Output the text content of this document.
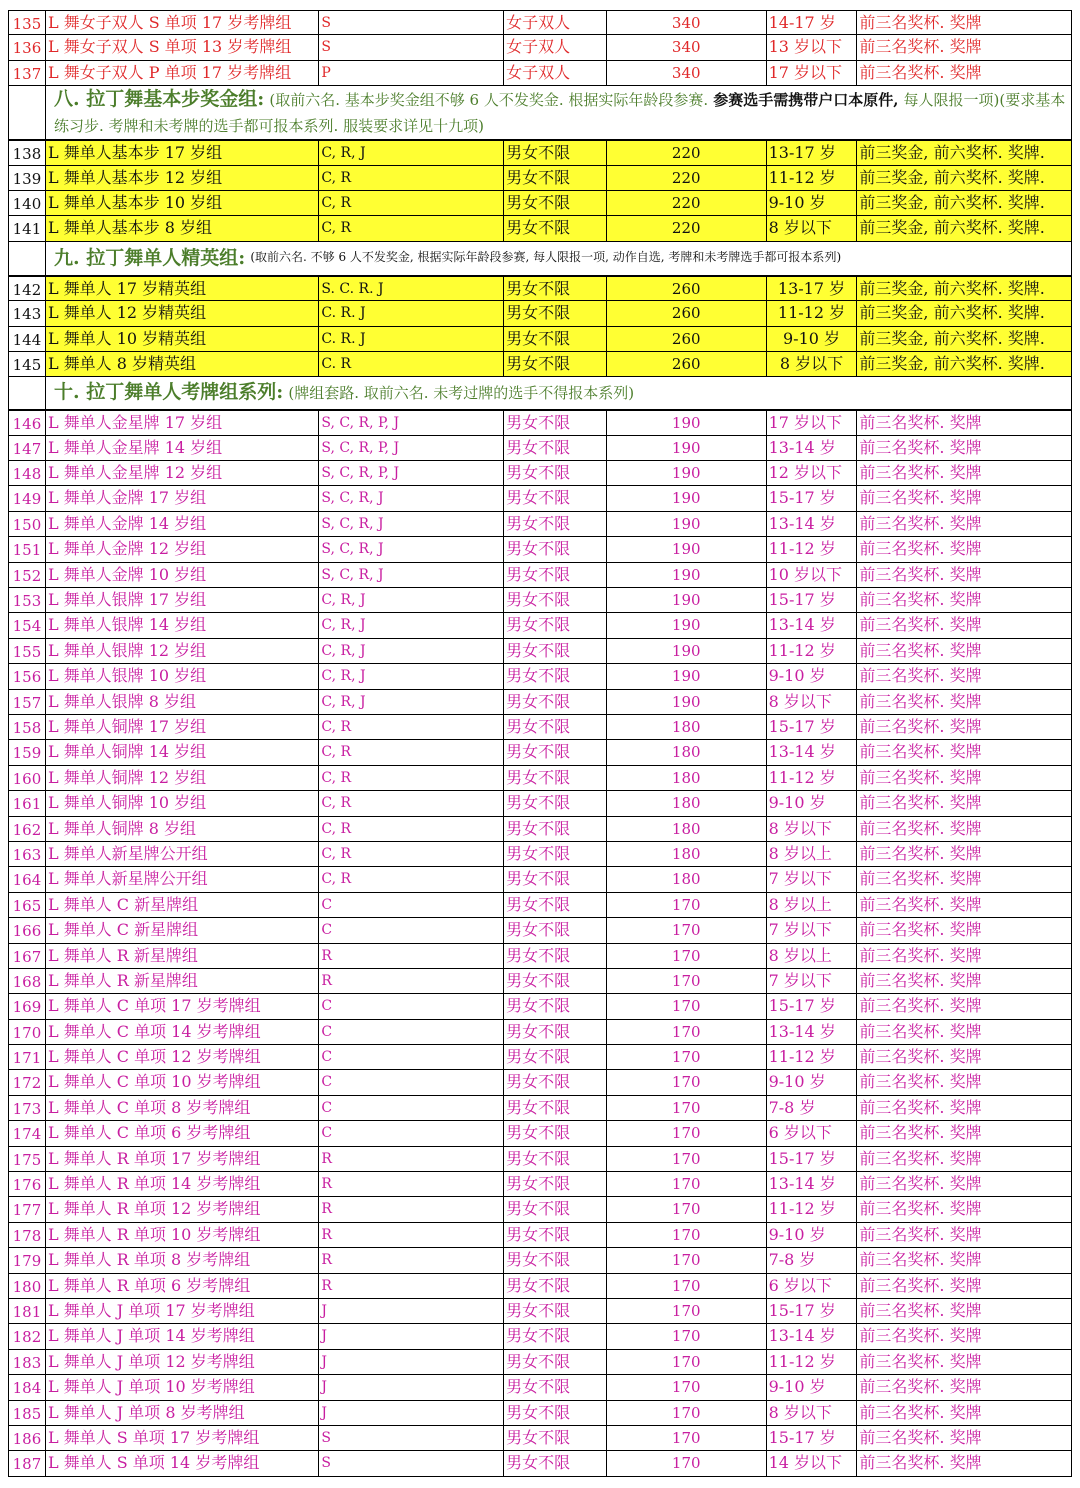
135 L 舞女子双人 S 单项 17 岁考牌组	S	女子双人	340	14-17 岁	前三名奖杯. 奖牌
136 L 舞女子双人 S 单项 13 岁考牌组	S	女子双人	340	13 岁以下	前三名奖杯. 奖牌
137 L 舞女子双人 P 单项 17 岁考牌组	P	女子双人	340	17 岁以下	前三名奖杯. 奖牌
八. 拉丁舞基本步奖金组: (取前六名. 基本步奖金组不够 6 人不发奖金. 根据实际年龄段参赛. 参赛选手需携带户口本原件, 每人限报一项)(要求基本练习步. 考牌和未考牌的选手都可报本系列. 服装要求详见十九项)
138 L 舞单人基本步 17 岁组	C, R, J	男女不限	220	13-17 岁	前三奖金, 前六奖杯. 奖牌.
139 L 舞单人基本步 12 岁组	C, R	男女不限	220	11-12 岁	前三奖金, 前六奖杯. 奖牌.
140 L 舞单人基本步 10 岁组	C, R	男女不限	220	9-10 岁	前三奖金, 前六奖杯. 奖牌.
141 L 舞单人基本步 8 岁组	C, R	男女不限	220	8 岁以下	前三奖金, 前六奖杯. 奖牌.
九. 拉丁舞单人精英组: (取前六名. 不够 6 人不发奖金, 根据实际年龄段参赛, 每人限报一项, 动作自选, 考牌和未考牌选手都可报本系列)
142 L 舞单人 17 岁精英组	S. C. R. J	男女不限	260	13-17 岁 前三奖金, 前六奖杯. 奖牌.
143 L 舞单人 12 岁精英组	C. R. J	男女不限	260	11-12 岁 前三奖金, 前六奖杯. 奖牌.
144 L 舞单人 10 岁精英组	C. R. J	男女不限	260	9-10 岁	前三奖金, 前六奖杯. 奖牌.
145 L 舞单人 8 岁精英组	C. R	男女不限	260	8 岁以下	前三奖金, 前六奖杯. 奖牌.
十. 拉丁舞单人考牌组系列: (牌组套路. 取前六名. 未考过牌的选手不得报本系列)
146 L 舞单人金星牌 17 岁组	S, C, R, P, J	男女不限	190	17 岁以下	前三名奖杯. 奖牌
147 L 舞单人金星牌 14 岁组	S, C, R, P, J	男女不限	190	13-14 岁	前三名奖杯. 奖牌
148 L 舞单人金星牌 12 岁组	S, C, R, P, J	男女不限	190	12 岁以下	前三名奖杯. 奖牌
149 L 舞单人金牌 17 岁组	S, C, R, J	男女不限	190	15-17 岁	前三名奖杯. 奖牌
150 L 舞单人金牌 14 岁组	S, C, R, J	男女不限	190	13-14 岁	前三名奖杯. 奖牌
151 L 舞单人金牌 12 岁组	S, C, R, J	男女不限	190	11-12 岁	前三名奖杯. 奖牌
152 L 舞单人金牌 10 岁组	S, C, R, J	男女不限	190	10 岁以下	前三名奖杯. 奖牌
153 L 舞单人银牌 17 岁组	C, R, J	男女不限	190	15-17 岁	前三名奖杯. 奖牌
154 L 舞单人银牌 14 岁组	C, R, J	男女不限	190	13-14 岁	前三名奖杯. 奖牌
155 L 舞单人银牌 12 岁组	C, R, J	男女不限	190	11-12 岁	前三名奖杯. 奖牌
156 L 舞单人银牌 10 岁组	C, R, J	男女不限	190	9-10 岁	前三名奖杯. 奖牌
157 L 舞单人银牌 8 岁组	C, R, J	男女不限	190	8 岁以下	前三名奖杯. 奖牌
158 L 舞单人铜牌 17 岁组	C, R	男女不限	180	15-17 岁	前三名奖杯. 奖牌
159 L 舞单人铜牌 14 岁组	C, R	男女不限	180	13-14 岁	前三名奖杯. 奖牌
160 L 舞单人铜牌 12 岁组	C, R	男女不限	180	11-12 岁	前三名奖杯. 奖牌
161 L 舞单人铜牌 10 岁组	C, R	男女不限	180	9-10 岁	前三名奖杯. 奖牌
162 L 舞单人铜牌 8 岁组	C, R	男女不限	180	8 岁以下	前三名奖杯. 奖牌
163 L 舞单人新星牌公开组	C, R	男女不限	180	8 岁以上	前三名奖杯. 奖牌
164 L 舞单人新星牌公开组	C, R	男女不限	180	7 岁以下	前三名奖杯. 奖牌
165 L 舞单人 C 新星牌组	C	男女不限	170	8 岁以上	前三名奖杯. 奖牌
166 L 舞单人 C 新星牌组	C	男女不限	170	7 岁以下	前三名奖杯. 奖牌
167 L 舞单人 R 新星牌组	R	男女不限	170	8 岁以上	前三名奖杯. 奖牌
168 L 舞单人 R 新星牌组	R	男女不限	170	7 岁以下	前三名奖杯. 奖牌
169 L 舞单人 C 单项 17 岁考牌组	C	男女不限	170	15-17 岁	前三名奖杯. 奖牌
170 L 舞单人 C 单项 14 岁考牌组	C	男女不限	170	13-14 岁	前三名奖杯. 奖牌
171 L 舞单人 C 单项 12 岁考牌组	C	男女不限	170	11-12 岁	前三名奖杯. 奖牌
172 L 舞单人 C 单项 10 岁考牌组	C	男女不限	170	9-10 岁	前三名奖杯. 奖牌
173 L 舞单人 C 单项 8 岁考牌组	C	男女不限	170	7-8 岁	前三名奖杯. 奖牌
174 L 舞单人 C 单项 6 岁考牌组	C	男女不限	170	6 岁以下	前三名奖杯. 奖牌
175 L 舞单人 R 单项 17 岁考牌组	R	男女不限	170	15-17 岁	前三名奖杯. 奖牌
176 L 舞单人 R 单项 14 岁考牌组	R	男女不限	170	13-14 岁	前三名奖杯. 奖牌
177 L 舞单人 R 单项 12 岁考牌组	R	男女不限	170	11-12 岁	前三名奖杯. 奖牌
178 L 舞单人 R 单项 10 岁考牌组	R	男女不限	170	9-10 岁	前三名奖杯. 奖牌
179 L 舞单人 R 单项 8 岁考牌组	R	男女不限	170	7-8 岁	前三名奖杯. 奖牌
180 L 舞单人 R 单项 6 岁考牌组	R	男女不限	170	6 岁以下	前三名奖杯. 奖牌
181 L 舞单人 J 单项 17 岁考牌组	J	男女不限	170	15-17 岁	前三名奖杯. 奖牌
182 L 舞单人 J 单项 14 岁考牌组	J	男女不限	170	13-14 岁	前三名奖杯. 奖牌
183 L 舞单人 J 单项 12 岁考牌组	J	男女不限	170	11-12 岁	前三名奖杯. 奖牌
184 L 舞单人 J 单项 10 岁考牌组	J	男女不限	170	9-10 岁	前三名奖杯. 奖牌
185 L 舞单人 J 单项 8 岁考牌组	J	男女不限	170	8 岁以下	前三名奖杯. 奖牌
186 L 舞单人 S 单项 17 岁考牌组	S	男女不限	170	15-17 岁	前三名奖杯. 奖牌
187 L 舞单人 S 单项 14 岁考牌组	S	男女不限	170	14 岁以下	前三名奖杯. 奖牌
